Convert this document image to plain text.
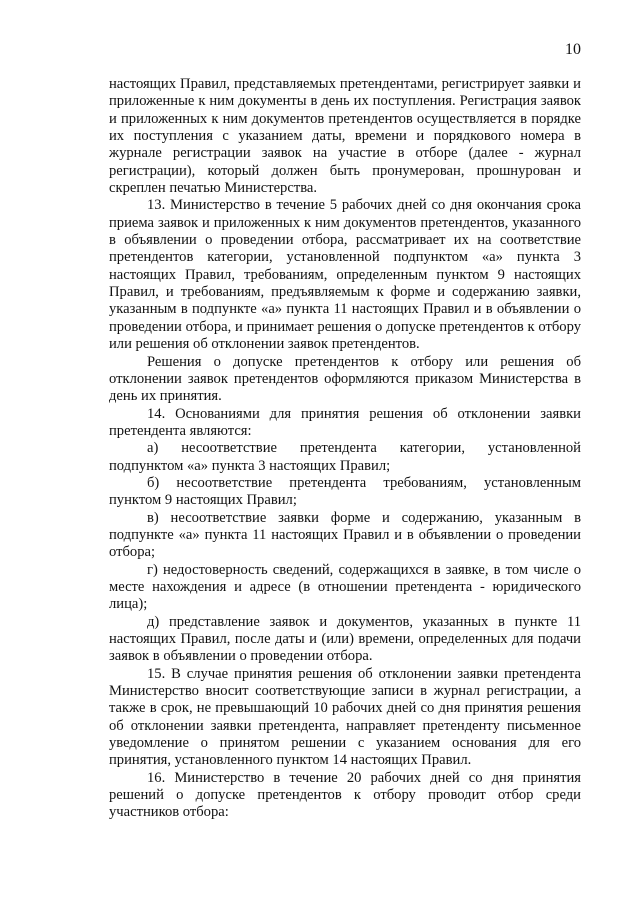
10

настоящих Правил, представляемых претендентами, регистрирует заявки и приложенные к ним документы в день их поступления. Регистрация заявок и приложенных к ним документов претендентов осуществляется в порядке их поступления с указанием даты, времени и порядкового номера в журнале регистрации заявок на участие в отборе (далее - журнал регистрации), который должен быть пронумерован, прошнурован и скреплен печатью Министерства.

13. Министерство в течение 5 рабочих дней со дня окончания срока приема заявок и приложенных к ним документов претендентов, указанного в объявлении о проведении отбора, рассматривает их на соответствие претендентов категории, установленной подпунктом «а» пункта 3 настоящих Правил, требованиям, определенным пунктом 9 настоящих Правил, и требованиям, предъявляемым к форме и содержанию заявки, указанным в подпункте «а» пункта 11 настоящих Правил и в объявлении о проведении отбора, и принимает решения о допуске претендентов к отбору или решения об отклонении заявок претендентов.

Решения о допуске претендентов к отбору или решения об отклонении заявок претендентов оформляются приказом Министерства в день их принятия.

14. Основаниями для принятия решения об отклонении заявки претендента являются:

а) несоответствие претендента категории, установленной подпунктом «а» пункта 3 настоящих Правил;

б) несоответствие претендента требованиям, установленным пунктом 9 настоящих Правил;

в) несоответствие заявки форме и содержанию, указанным в подпункте «а» пункта 11 настоящих Правил и в объявлении о проведении отбора;

г) недостоверность сведений, содержащихся в заявке, в том числе о месте нахождения и адресе (в отношении претендента - юридического лица);

д) представление заявок и документов, указанных в пункте 11 настоящих Правил, после даты и (или) времени, определенных для подачи заявок в объявлении о проведении отбора.

15. В случае принятия решения об отклонении заявки претендента Министерство вносит соответствующие записи в журнал регистрации, а также в срок, не превышающий 10 рабочих дней со дня принятия решения об отклонении заявки претендента, направляет претенденту письменное уведомление о принятом решении с указанием основания для его принятия, установленного пунктом 14 настоящих Правил.

16. Министерство в течение 20 рабочих дней со дня принятия решений о допуске претендентов к отбору проводит отбор среди участников отбора:
